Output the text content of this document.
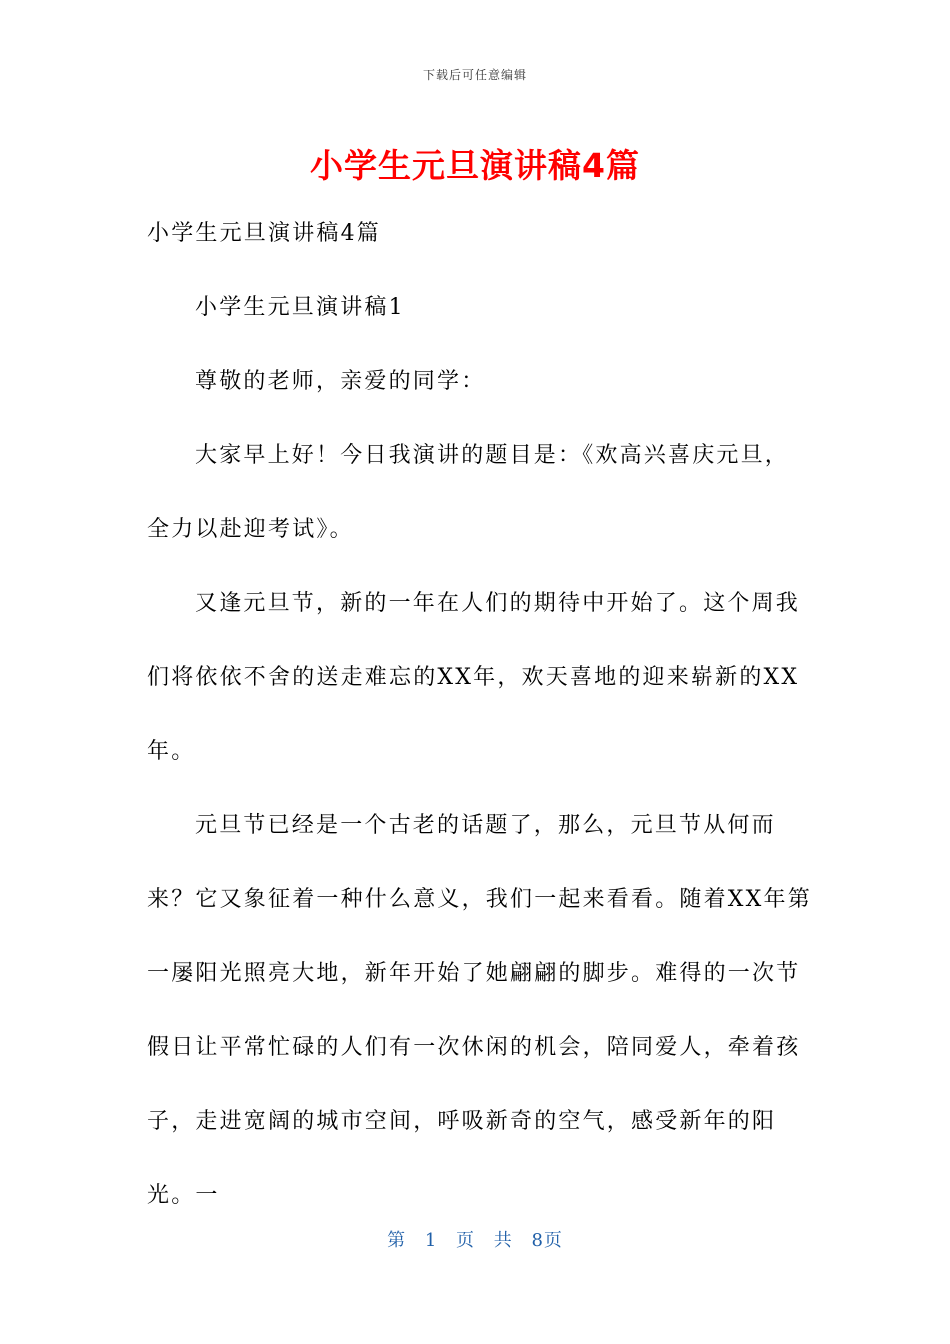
下载后可任意编辑
小学生元旦演讲稿4篇

小学生元旦演讲稿4篇

小学生元旦演讲稿1

尊敬的老师，亲爱的同学：

大家早上好！今日我演讲的题目是：《欢高兴喜庆元旦，全力以赴迎考试》。

又逢元旦节，新的一年在人们的期待中开始了。这个周我们将依依不舍的送走难忘的XX年，欢天喜地的迎来崭新的XX年。

元旦节已经是一个古老的话题了，那么，元旦节从何而来？它又象征着一种什么意义，我们一起来看看。随着XX年第一屡阳光照亮大地，新年开始了她翩翩的脚步。难得的一次节假日让平常忙碌的人们有一次休闲的机会，陪同爱人，牵着孩子，走进宽阔的城市空间，呼吸新奇的空气，感受新年的阳光。一

第 1 页 共 8页
